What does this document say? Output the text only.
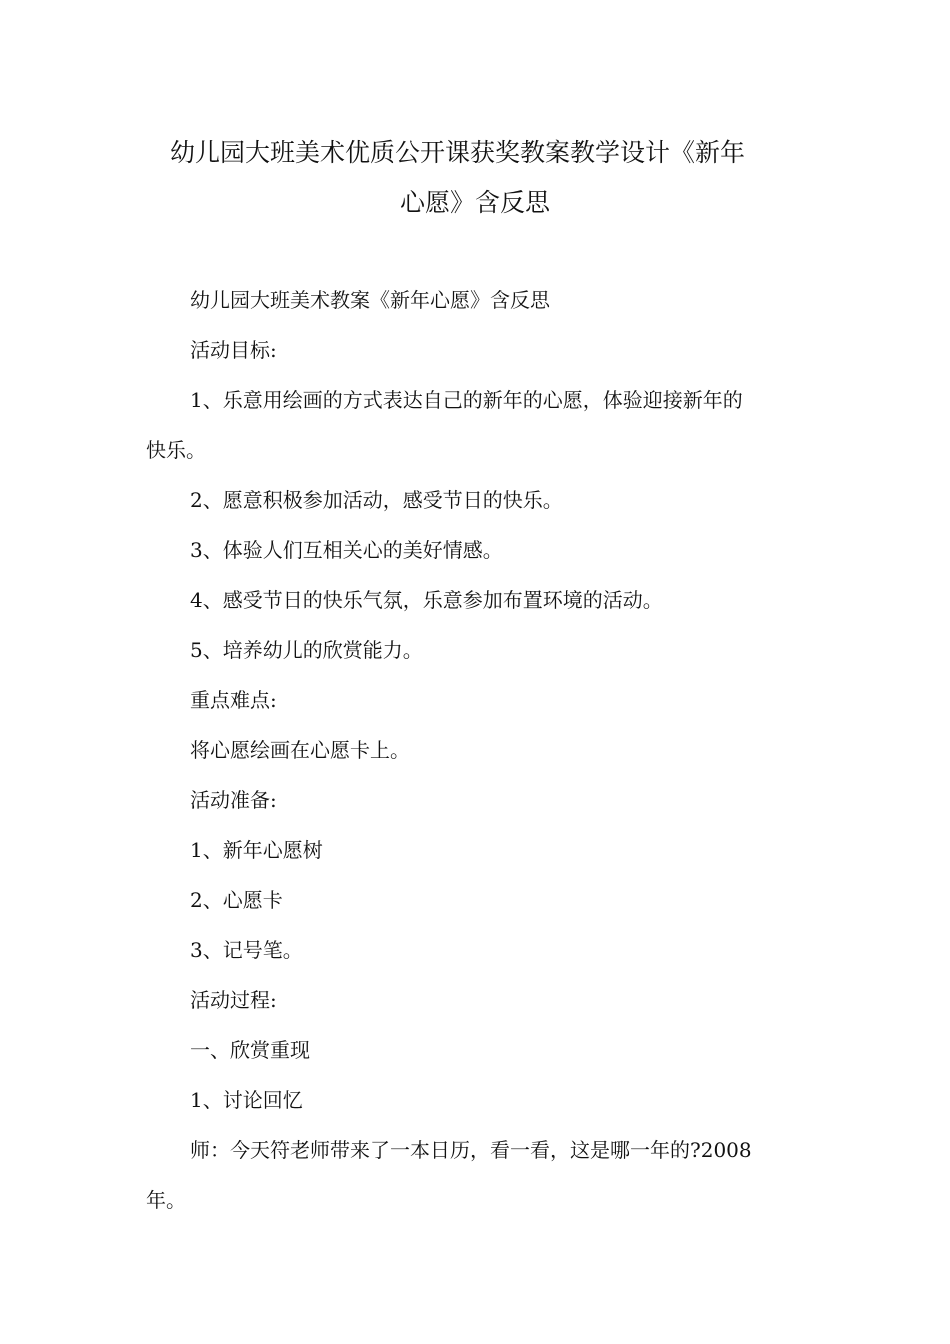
幼儿园大班美术优质公开课获奖教案教学设计《新年
心愿》含反思
幼儿园大班美术教案《新年心愿》含反思
活动目标:
1、乐意用绘画的方式表达自己的新年的心愿，体验迎接新年的
快乐。
2、愿意积极参加活动，感受节日的快乐。
3、体验人们互相关心的美好情感。
4、感受节日的快乐气氛，乐意参加布置环境的活动。
5、培养幼儿的欣赏能力。
重点难点:
将心愿绘画在心愿卡上。
活动准备:
1、新年心愿树
2、心愿卡
3、记号笔。
活动过程:
一、欣赏重现
1、讨论回忆
师：今天符老师带来了一本日历，看一看，这是哪一年的?2008
年。
